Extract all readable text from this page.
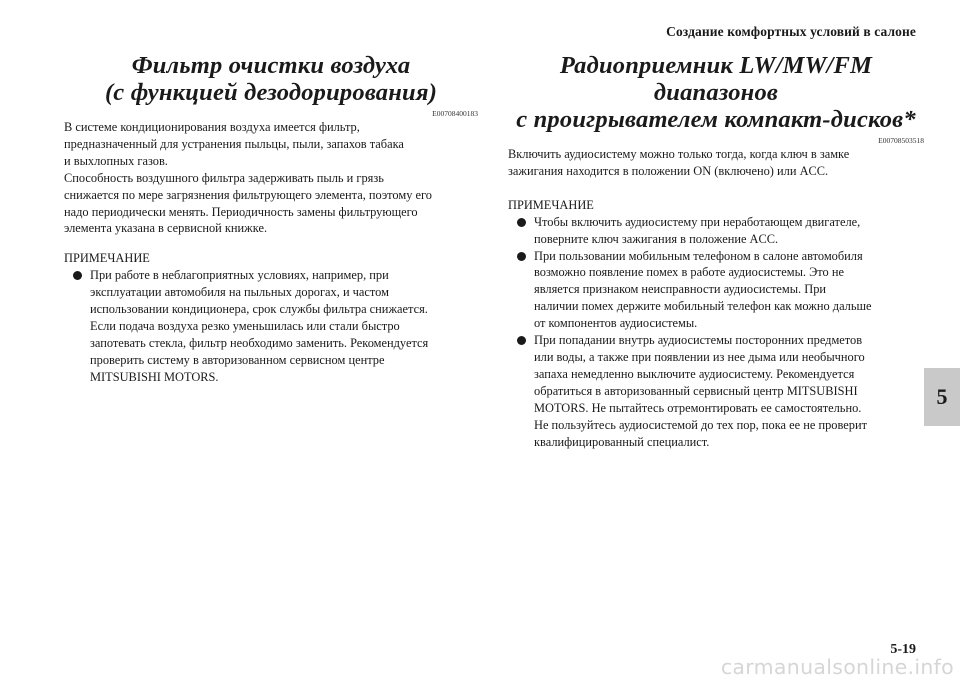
Создание комфортных условий в салоне
Фильтр очистки воздуха
(с функцией дезодорирования)
E00708400183

В системе кондиционирования воздуха имеется фильтр,

предназначенный для устранения пыльцы, пыли, запахов табака

и выхлопных газов.

Способность воздушного фильтра задерживать пыль и грязь

снижается по мере загрязнения фильтрующего элемента, поэтому его

надо периодически менять. Периодичность замены фильтрующего

элемента указана в сервисной книжке.

ПРИМЕЧАНИЕ
При работе в неблагоприятных условиях, например, при
эксплуатации автомобиля на пыльных дорогах, и частом
использовании кондиционера, срок службы фильтра снижается.
Если подача воздуха резко уменьшилась или стали быстро
запотевать стекла, фильтр необходимо заменить. Рекомендуется
проверить систему в авторизованном сервисном центре
MITSUBISHI MOTORS.
Радиоприемник LW/MW/FM диапазонов
с проигрывателем компакт-дисков*
E00708503518

Включить аудиосистему можно только тогда, когда ключ в замке

зажигания находится в положении ON (включено) или ACC.

ПРИМЕЧАНИЕ
Чтобы включить аудиосистему при неработающем двигателе,
поверните ключ зажигания в положение ACC.
При пользовании мобильным телефоном в салоне автомобиля
возможно появление помех в работе аудиосистемы. Это не
является признаком неисправности аудиосистемы. При
наличии помех держите мобильный телефон как можно дальше
от компонентов аудиосистемы.
При попадании внутрь аудиосистемы посторонних предметов
или воды, а также при появлении из нее дыма или необычного
запаха немедленно выключите аудиосистему. Рекомендуется
обратиться в авторизованный сервисный центр MITSUBISHI
MOTORS. Не пытайтесь отремонтировать ее самостоятельно.
Не пользуйтесь аудиосистемой до тех пор, пока ее не проверит
квалифицированный специалист.
5
5-19
carmanualsonline.info
